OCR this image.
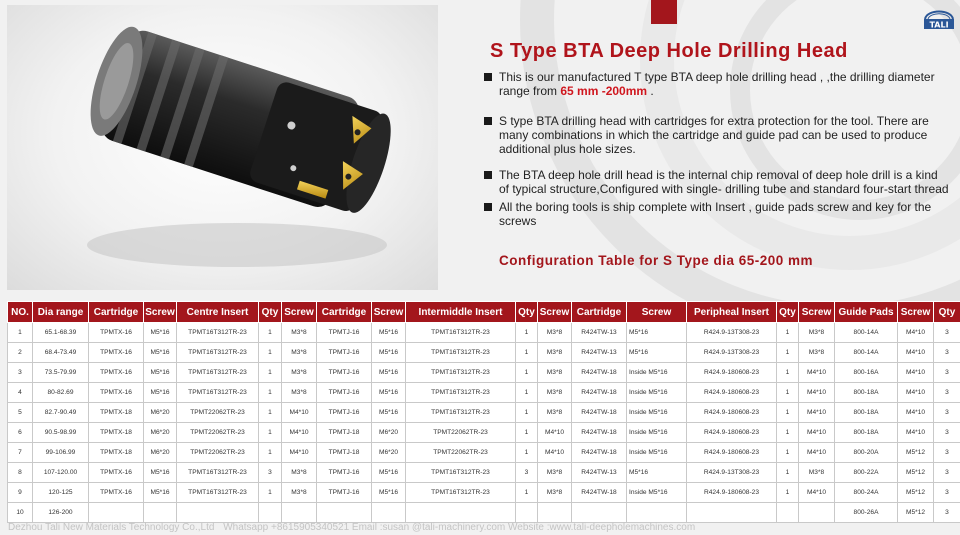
TALI
S Type BTA Deep Hole Drilling Head
This is our manufactured T type BTA deep hole drilling head , ,the drilling diameter range from 65 mm -200mm .
S type BTA drilling head with cartridges for extra protection for the tool. There are many combinations in which the cartridge and guide pad can be used to produce additional plus hole sizes.
The BTA deep hole drill head is the internal chip removal of deep hole drill is a kind of typical structure,Configured with single- drilling tube and standard four-start thread
All the boring tools is ship complete with Insert , guide pads screw and key for the screws
Configuration Table for S Type dia 65-200 mm
NO.	Dia range	Cartridge	Screw	Centre Insert	Qty	Screw	Cartridge	Screw	Intermiddle Insert	Qty	Screw	Cartridge	Screw	Peripheal Insert	Qty	Screw	Guide Pads	Screw	Qty
1	65.1-68.39	TPMTX-16	M5*16	TPMT16T312TR-23	1	M3*8	TPMTJ-16	M5*16	TPMT16T312TR-23	1	M3*8	R424TW-13	M5*16	R424.9-13T308-23	1	M3*8	800-14A	M4*10	3
2	68.4-73.49	TPMTX-16	M5*16	TPMT16T312TR-23	1	M3*8	TPMTJ-16	M5*16	TPMT16T312TR-23	1	M3*8	R424TW-13	M5*16	R424.9-13T308-23	1	M3*8	800-14A	M4*10	3
3	73.5-79.99	TPMTX-16	M5*16	TPMT16T312TR-23	1	M3*8	TPMTJ-16	M5*16	TPMT16T312TR-23	1	M3*8	R424TW-18	Inside M5*16	R424.9-180608-23	1	M4*10	800-16A	M4*10	3
4	80-82.69	TPMTX-16	M5*16	TPMT16T312TR-23	1	M3*8	TPMTJ-16	M5*16	TPMT16T312TR-23	1	M3*8	R424TW-18	Inside M5*16	R424.9-180608-23	1	M4*10	800-18A	M4*10	3
5	82.7-90.49	TPMTX-18	M6*20	TPMT22062TR-23	1	M4*10	TPMTJ-16	M5*16	TPMT16T312TR-23	1	M3*8	R424TW-18	Inside M5*16	R424.9-180608-23	1	M4*10	800-18A	M4*10	3
6	90.5-98.99	TPMTX-18	M6*20	TPMT22062TR-23	1	M4*10	TPMTJ-18	M6*20	TPMT22062TR-23	1	M4*10	R424TW-18	Inside M5*16	R424.9-180608-23	1	M4*10	800-18A	M4*10	3
7	99-106.99	TPMTX-18	M6*20	TPMT22062TR-23	1	M4*10	TPMTJ-18	M6*20	TPMT22062TR-23	1	M4*10	R424TW-18	Inside M5*16	R424.9-180608-23	1	M4*10	800-20A	M5*12	3
8	107-120.00	TPMTX-16	M5*16	TPMT16T312TR-23	3	M3*8	TPMTJ-16	M5*16	TPMT16T312TR-23	3	M3*8	R424TW-13	M5*16	R424.9-13T308-23	1	M3*8	800-22A	M5*12	3
9	120-125	TPMTX-16	M5*16	TPMT16T312TR-23	1	M3*8	TPMTJ-16	M5*16	TPMT16T312TR-23	1	M3*8	R424TW-18	Inside M5*16	R424.9-180608-23	1	M4*10	800-24A	M5*12	3
10	126-200																800-26A	M5*12	3
Dezhou Tali New Materials Technology Co.,Ltd Whatsapp +8615905340521 Email :susan @tali-machinery.com Website :www.tali-deepholemachines.com
